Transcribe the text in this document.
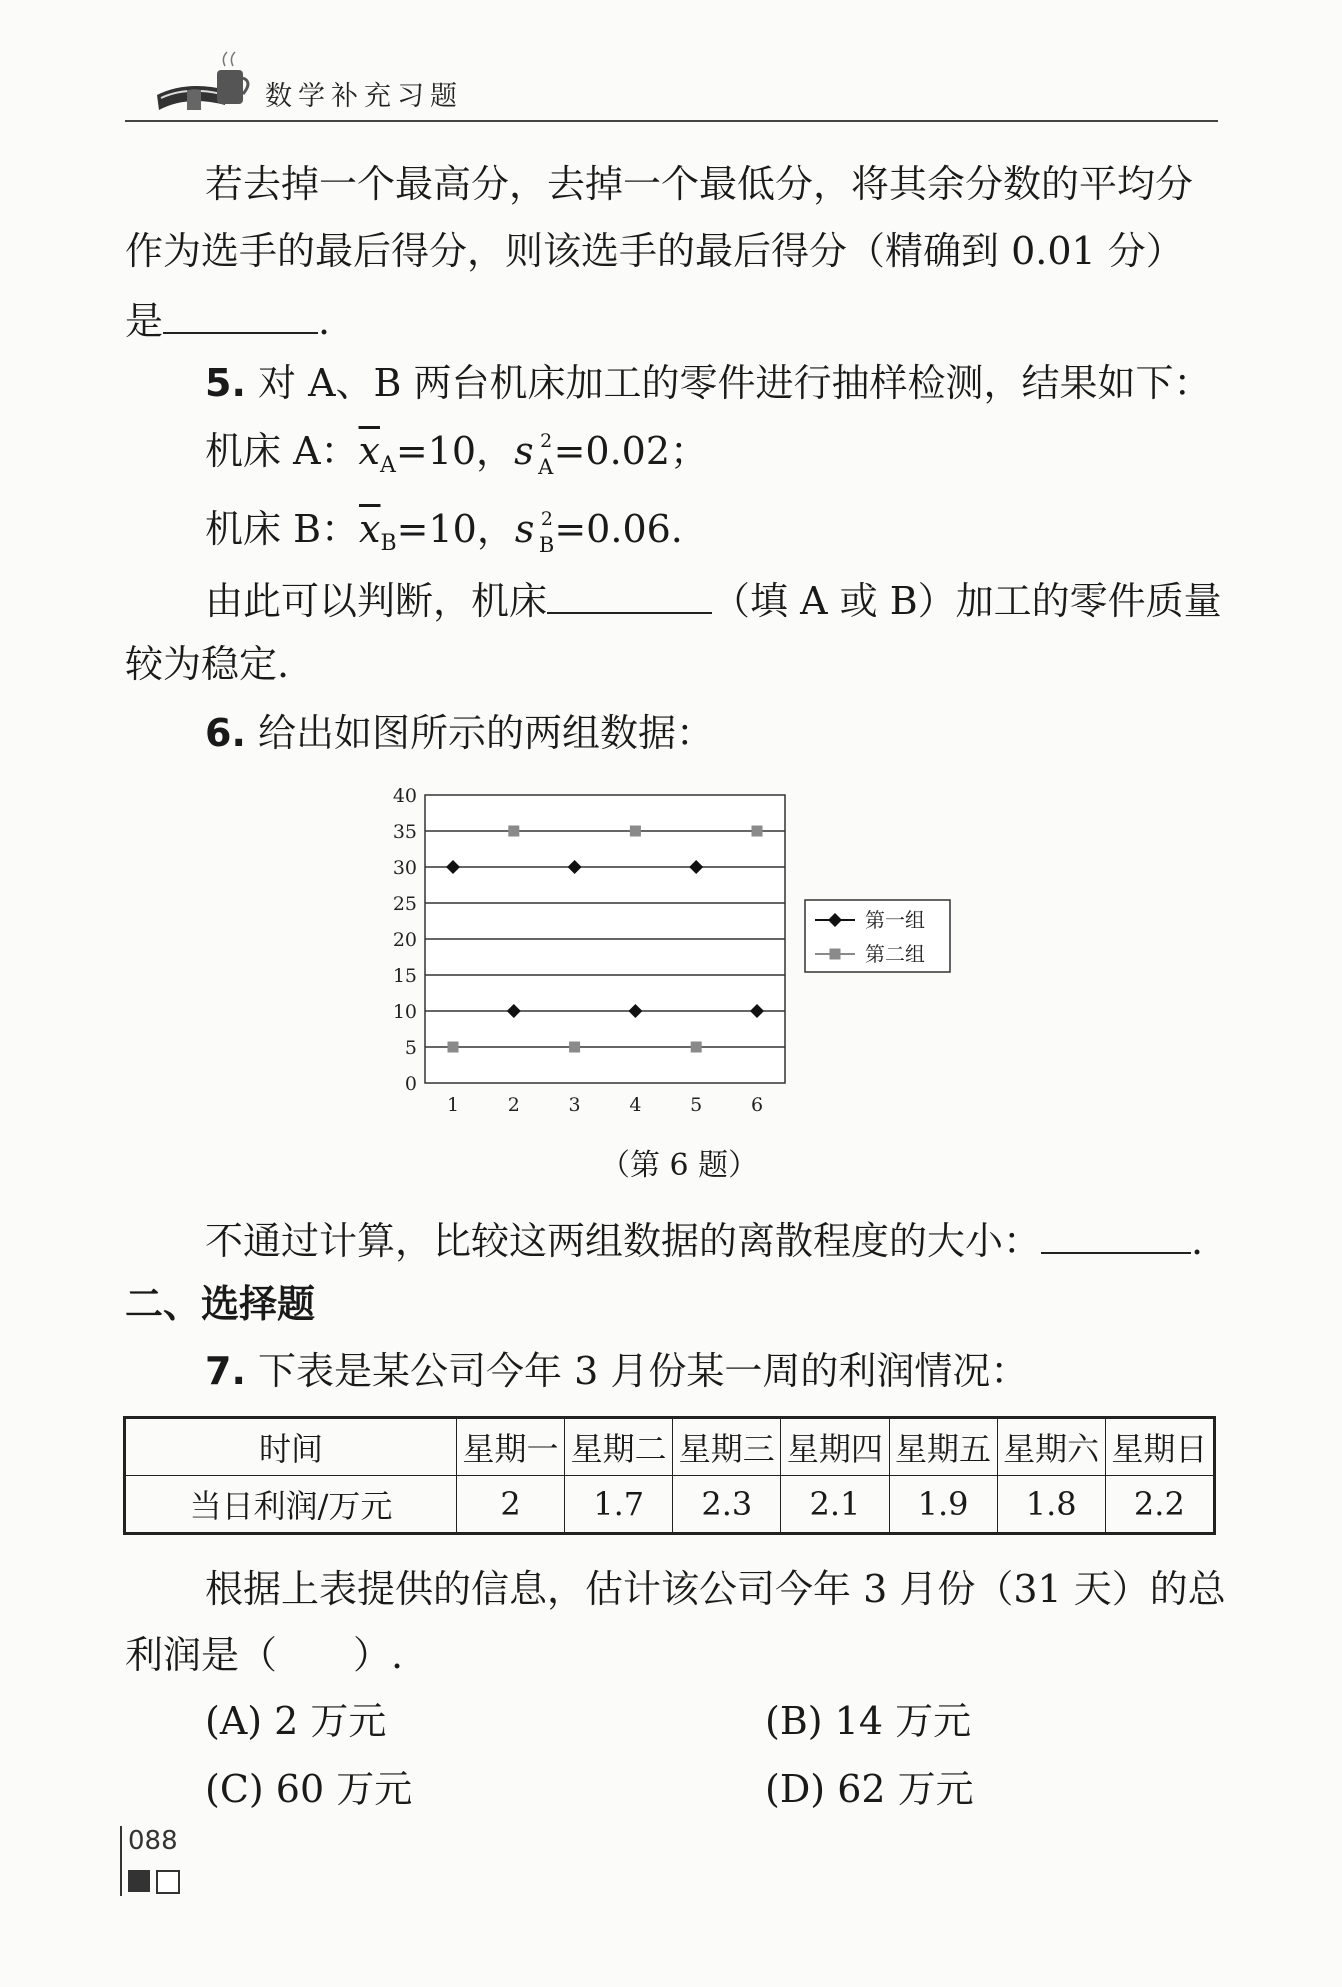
数学补充习题
若去掉一个最高分，去掉一个最低分，将其余分数的平均分
作为选手的最后得分，则该选手的最后得分（精确到 0.01 分）
是	.
5. 对 A、B 两台机床加工的零件进行抽样检测，结果如下：
机床 A：$\overline{x}_A=10$，s 2
A =0.02；
机床 B：$\overline{x}_B=10$，s 2
B =0.06.
由此可以判断，机床	（填 A 或 B）加工的零件质量
较为稳定.
6. 给出如图所示的两组数据：
0
5
10
15
20
25
30
35
40
1	2	3	4	5	6
第一组
第二组
（第 6 题）
不通过计算，比较这两组数据的离散程度的大小：	.
二、选择题
7. 下表是某公司今年 3 月份某一周的利润情况：
时间	星期一	星期二	星期三	星期四	星期五	星期六	星期日
当日利润/万元	2	1.7	2.3	2.1	1.9	1.8	2.2
根据上表提供的信息，估计该公司今年 3 月份（31 天）的总
利润是（　　）.
(A) 2 万元	(B) 14 万元
(C) 60 万元	(D) 62 万元
088
